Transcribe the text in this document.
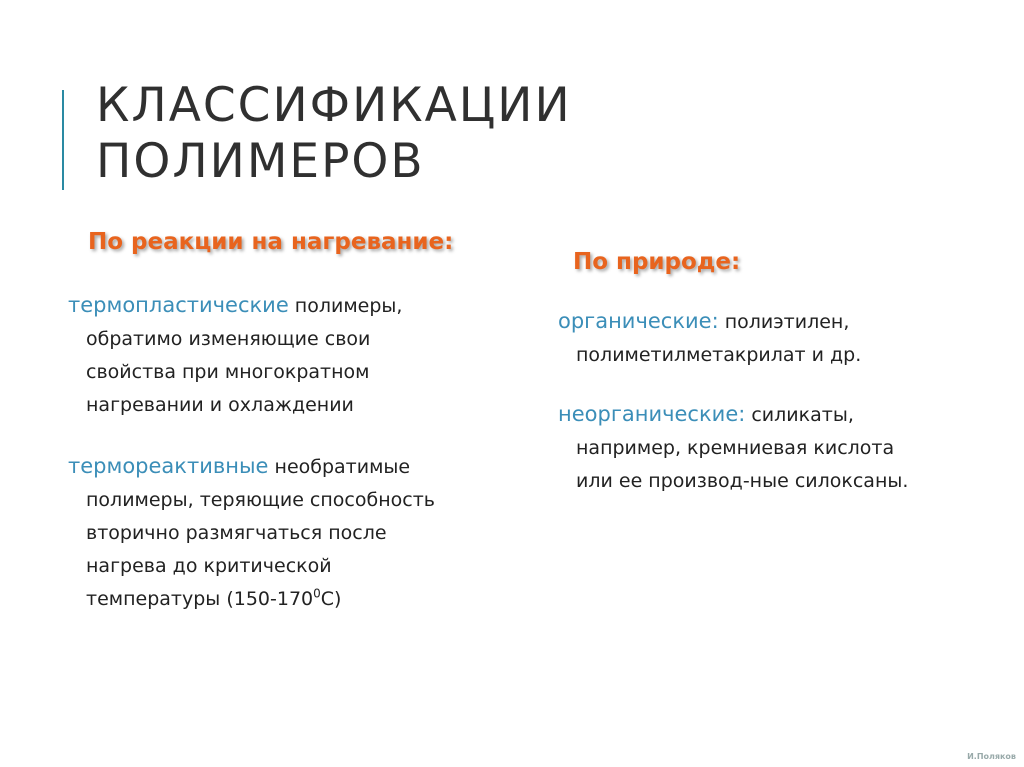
КЛАССИФИКАЦИИ
ПОЛИМЕРОВ
По реакции на нагревание:
термопластические полимеры,
обратимо изменяющие свои
свойства при многократном
нагревании и охлаждении
термореактивные необратимые
полимеры, теряющие способность
вторично размягчаться после
нагрева до критической
температуры $(150-170^0С)$
По природе:
органические: полиэтилен,
полиметилметакрилат и др.
неорганические: силикаты,
например, кремниевая кислота
или ее производ-ные силоксаны.
И.Поляков
